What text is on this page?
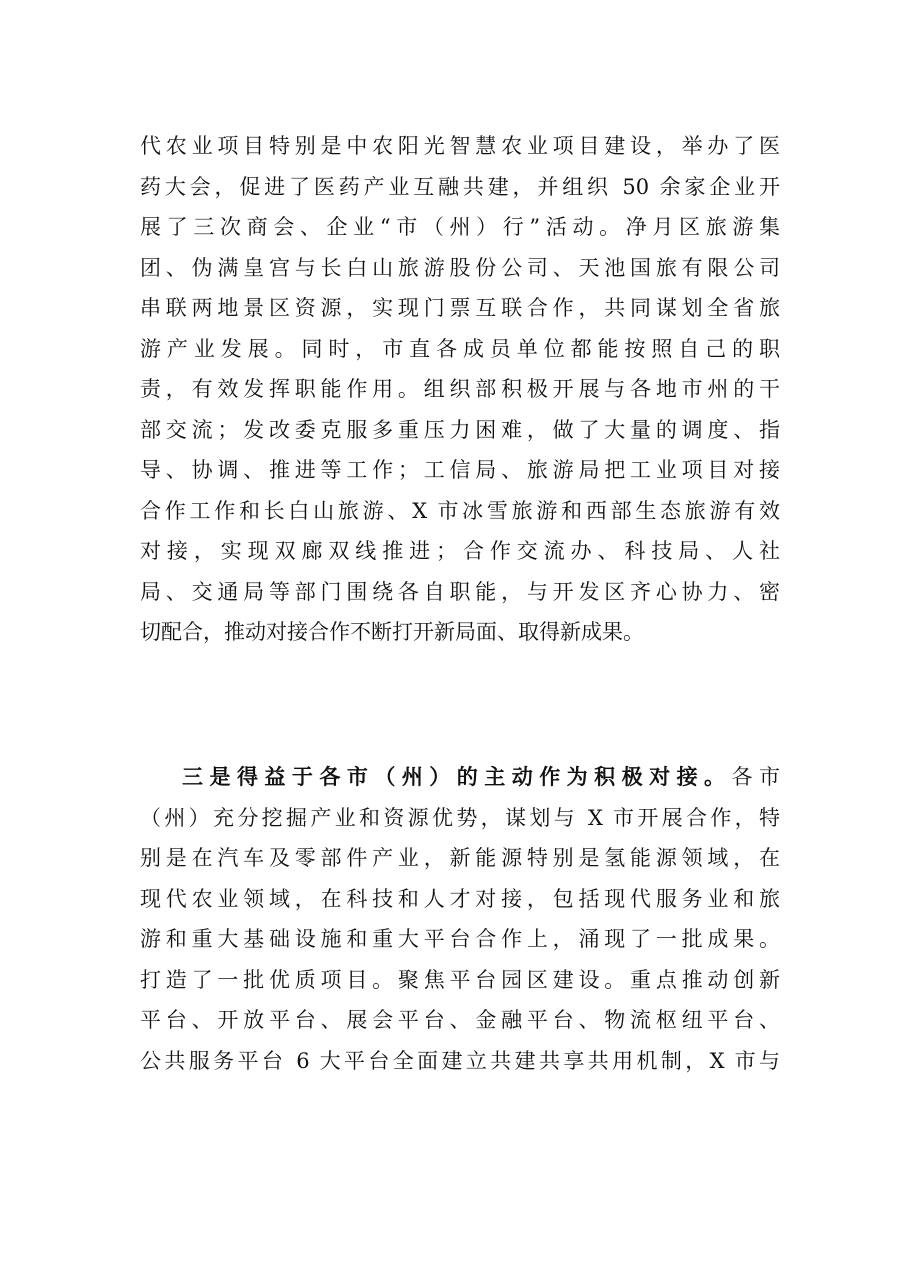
代农业项目特别是中农阳光智慧农业项目建设，举办了医
药大会，促进了医药产业互融共建，并组织 50 余家企业开
展了三次商会、企业“市（州）行”活动。净月区旅游集
团、伪满皇宫与长白山旅游股份公司、天池国旅有限公司
串联两地景区资源，实现门票互联合作，共同谋划全省旅
游产业发展。同时，市直各成员单位都能按照自己的职
责，有效发挥职能作用。组织部积极开展与各地市州的干
部交流；发改委克服多重压力困难，做了大量的调度、指
导、协调、推进等工作；工信局、旅游局把工业项目对接
合作工作和长白山旅游、X 市冰雪旅游和西部生态旅游有效
对接，实现双廊双线推进；合作交流办、科技局、人社
局、交通局等部门围绕各自职能，与开发区齐心协力、密
切配合，推动对接合作不断打开新局面、取得新成果。
三是得益于各市（州）的主动作为积极对接。各市
（州）充分挖掘产业和资源优势，谋划与 X 市开展合作，特
别是在汽车及零部件产业，新能源特别是氢能源领域，在
现代农业领域，在科技和人才对接，包括现代服务业和旅
游和重大基础设施和重大平台合作上，涌现了一批成果。
打造了一批优质项目。聚焦平台园区建设。重点推动创新
平台、开放平台、展会平台、金融平台、物流枢纽平台、
公共服务平台 6 大平台全面建立共建共享共用机制，X 市与
